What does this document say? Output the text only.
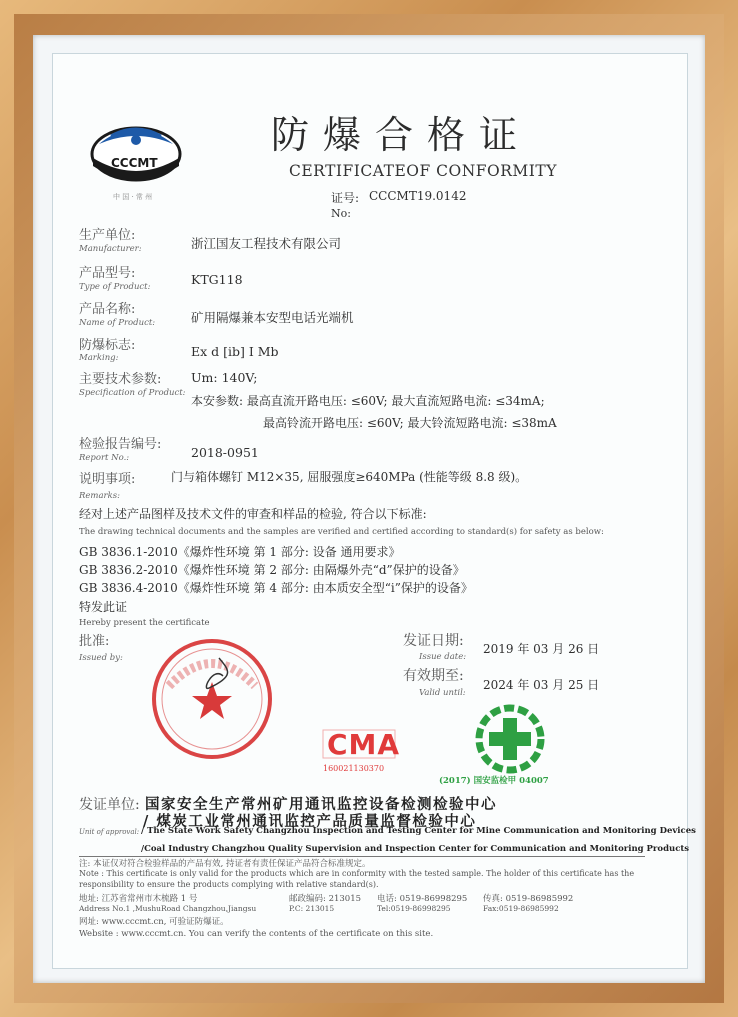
CCCMT
中 国 · 常 州
防爆合格证
CERTIFICATEOF CONFORMITY
证号: CCCMT19.0142
No:
生产单位:
Manufacturer:	浙江国友工程技术有限公司
产品型号:
Type of Product:	KTG118
产品名称:
Name of Product:	矿用隔爆兼本安型电话光端机
防爆标志:
Marking:	Ex d [ib] I Mb
主要技术参数:
Specification of Product:
Um: 140V;
本安参数: 最高直流开路电压: ≤60V; 最大直流短路电流: ≤34mA;
最高铃流开路电压: ≤60V; 最大铃流短路电流: ≤38mA
检验报告编号:
Report No.:	2018-0951
说明事项:	门与箱体螺钉 M12×35, 屈服强度≥640MPa (性能等级 8.8 级)。
Remarks:
经对上述产品图样及技术文件的审查和样品的检验, 符合以下标准:
The drawing technical documents and the samples are verified and certified according to standard(s) for safety as below:
GB 3836.1-2010《爆炸性环境 第 1 部分: 设备 通用要求》
GB 3836.2-2010《爆炸性环境 第 2 部分: 由隔爆外壳“d”保护的设备》
GB 3836.4-2010《爆炸性环境 第 4 部分: 由本质安全型“i”保护的设备》
特发此证
Hereby present the certificate
批准:
Issued by:
发证日期:
Issue date:
2019 年 03 月 26 日
有效期至:
Valid until:
2024 年 03 月 25 日
CMA
160021130370
(2017) 国安监检甲 04007
发证单位: 国家安全生产常州矿用通讯监控设备检测检验中心
/ 煤炭工业常州通讯监控产品质量监督检验中心
Unit of approval: / The State Work Safety Changzhou Inspection and Testing Center for Mine Communication and Monitoring Devices
/Coal Industry Changzhou Quality Supervision and Inspection Center for Communication and Monitoring Products
注: 本证仅对符合检验样品的产品有效, 持证者有责任保证产品符合标准规定。
Note : This certificate is only valid for the products which are in conformity with the tested sample. The holder of this certificate has the
responsibility to ensure the products complying with relative standard(s).
地址: 江苏省常州市木梳路 1 号	邮政编码: 213015 电话: 0519-86998295 传真: 0519-86985992
Address No.1 ,MushuRoad Changzhou,Jiangsu	P.C: 213015	Tel:0519-86998295	Fax:0519-86985992
网址: www.cccmt.cn, 可验证防爆证。
Website : www.cccmt.cn. You can verify the contents of the certificate on this site.
